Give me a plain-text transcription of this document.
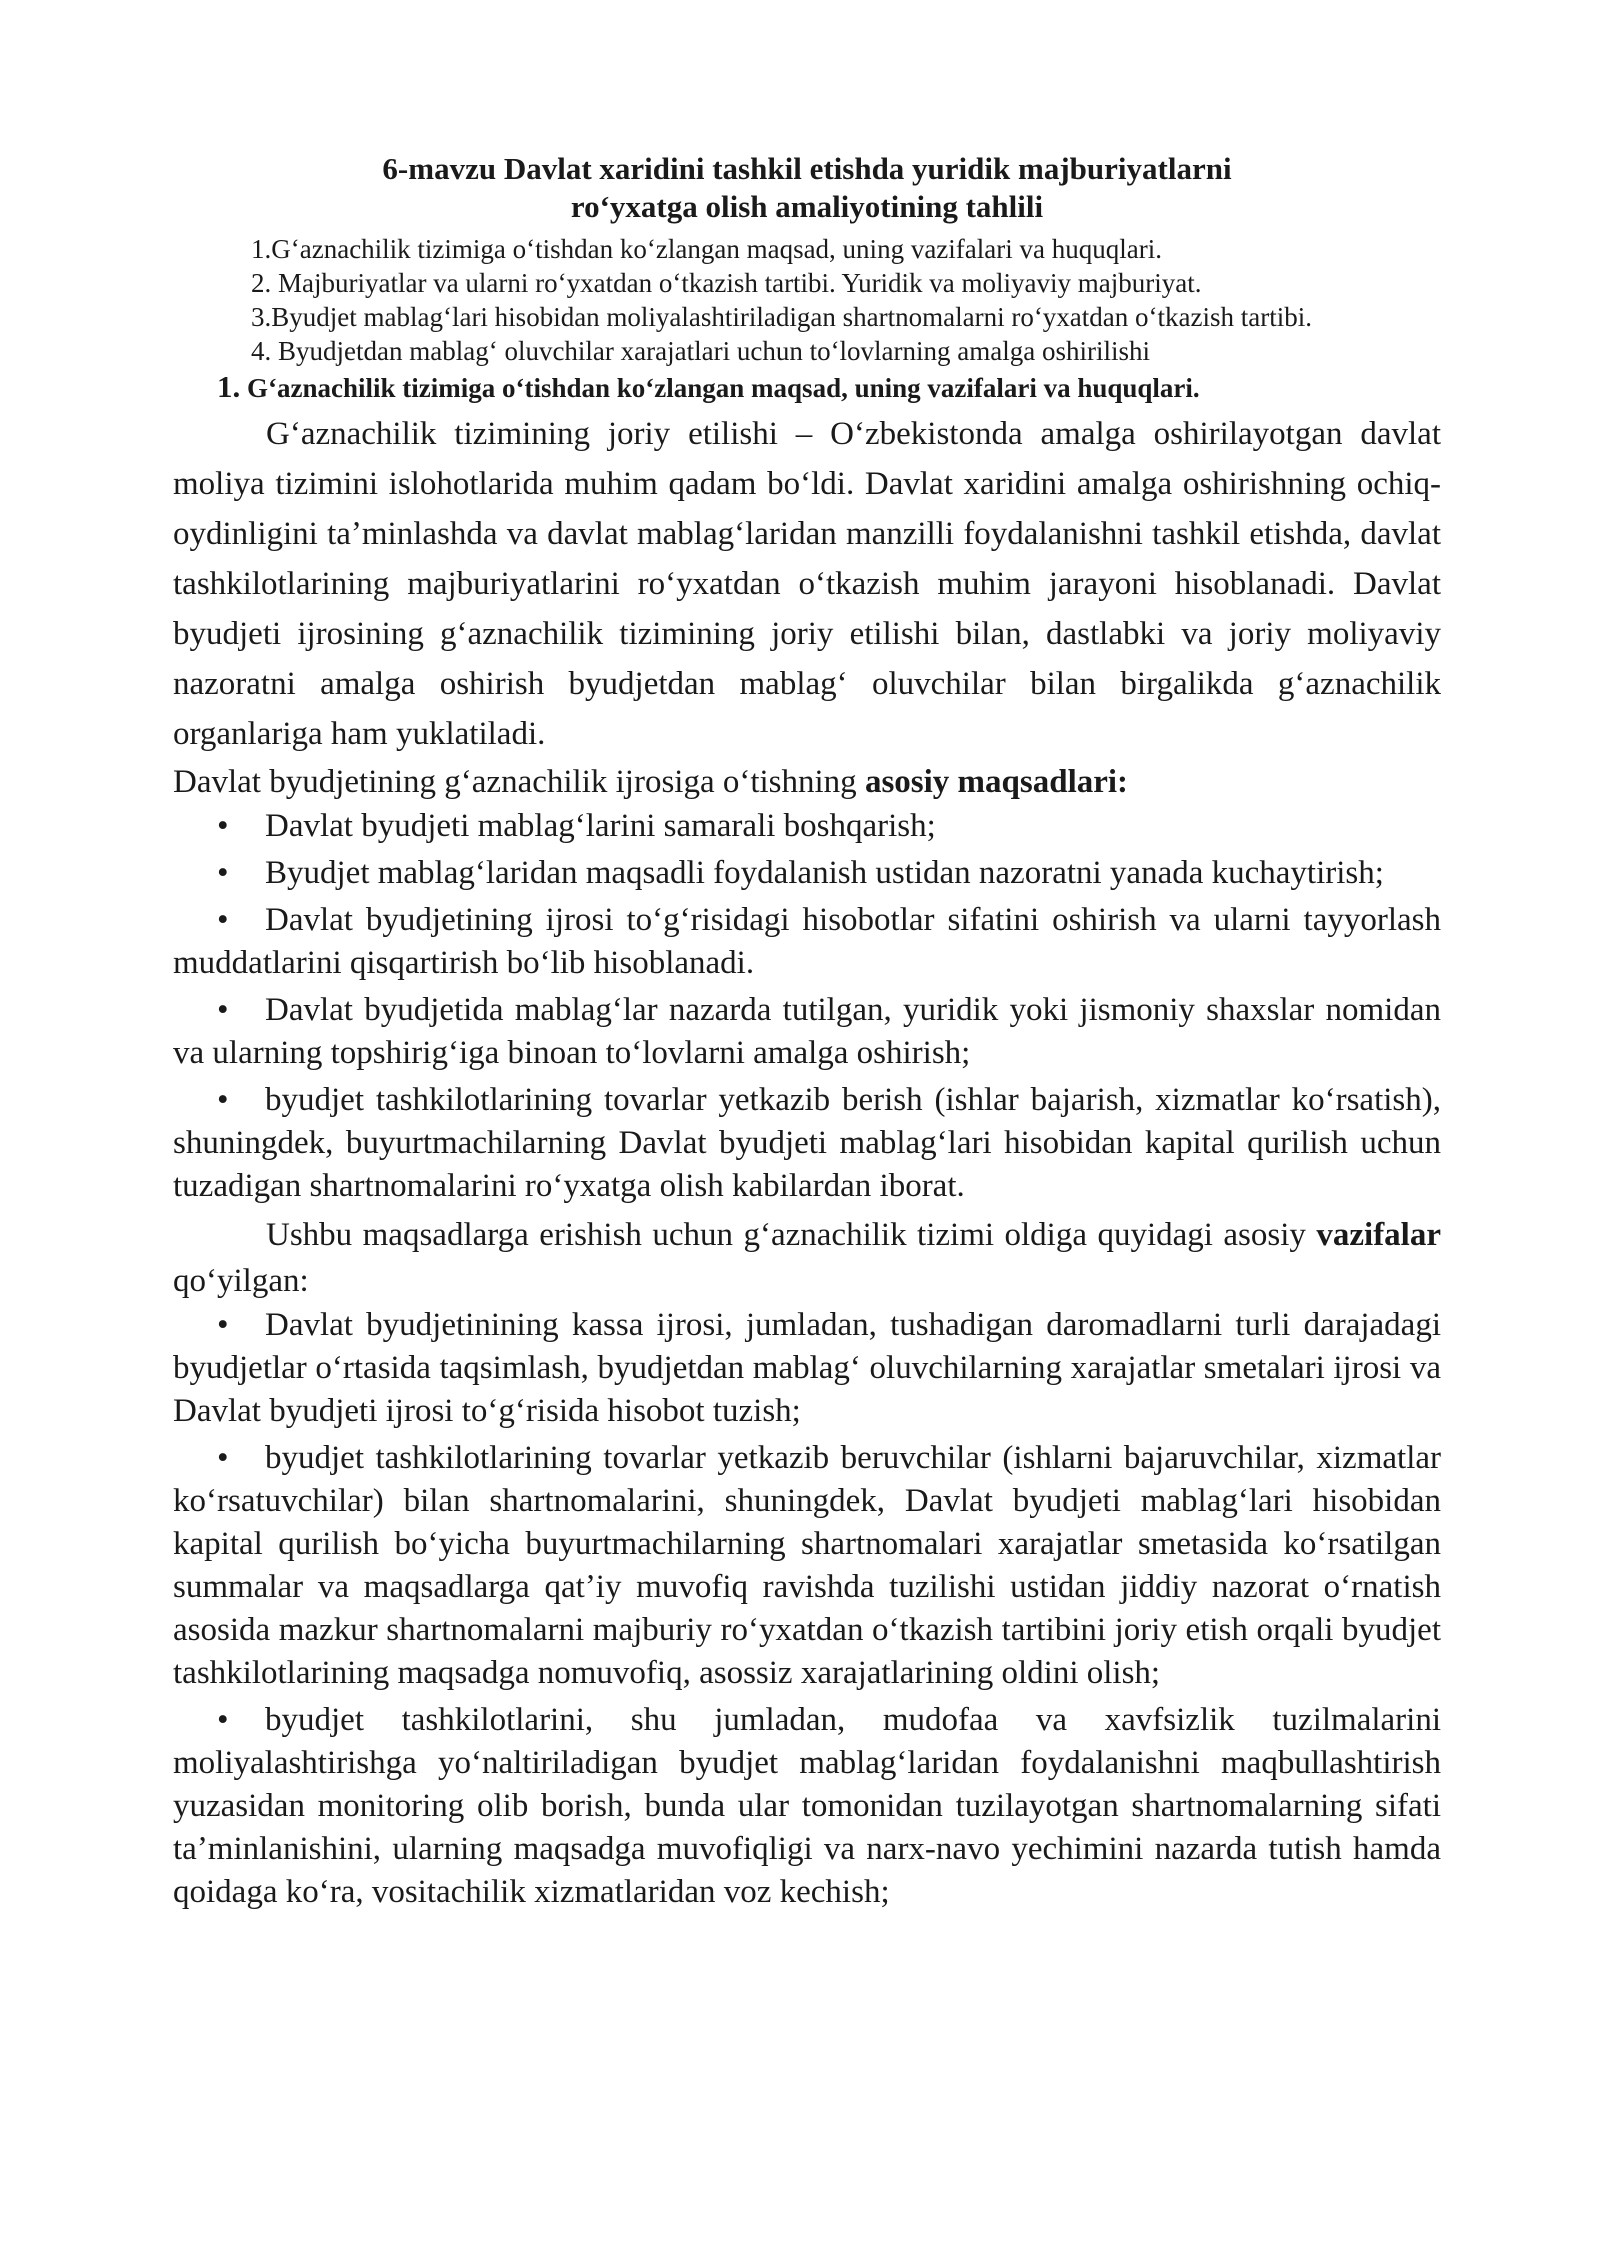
6-mavzu Davlat xaridini tashkil etishda yuridik majburiyatlarni
roʻyxatga olish amaliyotining tahlili

1.Gʻaznachilik tizimiga oʻtishdan koʻzlangan maqsad, uning vazifalari va huquqlari.

2. Majburiyatlar va ularni roʻyxatdan oʻtkazish tartibi. Yuridik va moliyaviy majburiyat.

3.Byudjet mablagʻlari hisobidan moliyalashtiriladigan shartnomalarni roʻyxatdan oʻtkazish tartibi.

4. Byudjetdan mablagʻ oluvchilar xarajatlari uchun toʻlovlarning amalga oshirilishi

1. Gʻaznachilik tizimiga oʻtishdan koʻzlangan maqsad, uning vazifalari va huquqlari.

Gʻaznachilik tizimining joriy etilishi – Oʻzbekistonda amalga oshirilayotgan davlat moliya tizimini islohotlarida muhim qadam boʻldi. Davlat xaridini amalga oshirishning ochiq-oydinligini taʼminlashda va davlat mablagʻlaridan manzilli foydalanishni tashkil etishda, davlat tashkilotlarining majburiyatlarini roʻyxatdan oʻtkazish muhim jarayoni hisoblanadi. Davlat byudjeti ijrosining gʻaznachilik tizimining joriy etilishi bilan, dastlabki va joriy moliyaviy nazoratni amalga oshirish byudjetdan mablagʻ oluvchilar bilan birgalikda gʻaznachilik organlariga ham yuklatiladi.

Davlat byudjetining gʻaznachilik ijrosiga oʻtishning asosiy maqsadlari:

• Davlat byudjeti mablagʻlarini samarali boshqarish;

• Byudjet mablagʻlaridan maqsadli foydalanish ustidan nazoratni yanada kuchaytirish;

• Davlat byudjetining ijrosi toʻgʻrisidagi hisobotlar sifatini oshirish va ularni tayyorlash muddatlarini qisqartirish boʻlib hisoblanadi.

• Davlat byudjetida mablagʻlar nazarda tutilgan, yuridik yoki jismoniy shaxslar nomidan va ularning topshirigʻiga binoan toʻlovlarni amalga oshirish;

• byudjet tashkilotlarining tovarlar yetkazib berish (ishlar bajarish, xizmatlar koʻrsatish), shuningdek, buyurtmachilarning Davlat byudjeti mablagʻlari hisobidan kapital qurilish uchun tuzadigan shartnomalarini roʻyxatga olish kabilardan iborat.

Ushbu maqsadlarga erishish uchun gʻaznachilik tizimi oldiga quyidagi asosiy vazifalar qoʻyilgan:

• Davlat byudjetinining kassa ijrosi, jumladan, tushadigan daromadlarni turli darajadagi byudjetlar oʻrtasida taqsimlash, byudjetdan mablagʻ oluvchilarning xarajatlar smetalari ijrosi va Davlat byudjeti ijrosi toʻgʻrisida hisobot tuzish;

• byudjet tashkilotlarining tovarlar yetkazib beruvchilar (ishlarni bajaruvchilar, xizmatlar koʻrsatuvchilar) bilan shartnomalarini, shuningdek, Davlat byudjeti mablagʻlari hisobidan kapital qurilish boʻyicha buyurtmachilarning shartnomalari xarajatlar smetasida koʻrsatilgan summalar va maqsadlarga qatʼiy muvofiq ravishda tuzilishi ustidan jiddiy nazorat oʻrnatish asosida mazkur shartnomalarni majburiy roʻyxatdan oʻtkazish tartibini joriy etish orqali byudjet tashkilotlarining maqsadga nomuvofiq, asossiz xarajatlarining oldini olish;

• byudjet tashkilotlarini, shu jumladan, mudofaa va xavfsizlik tuzilmalarini moliyalashtirishga yoʻnaltiriladigan byudjet mablagʻlaridan foydalanishni maqbullashtirish yuzasidan monitoring olib borish, bunda ular tomonidan tuzilayotgan shartnomalarning sifati taʼminlanishini, ularning maqsadga muvofiqligi va narx-navo yechimini nazarda tutish hamda qoidaga koʻra, vositachilik xizmatlaridan voz kechish;
